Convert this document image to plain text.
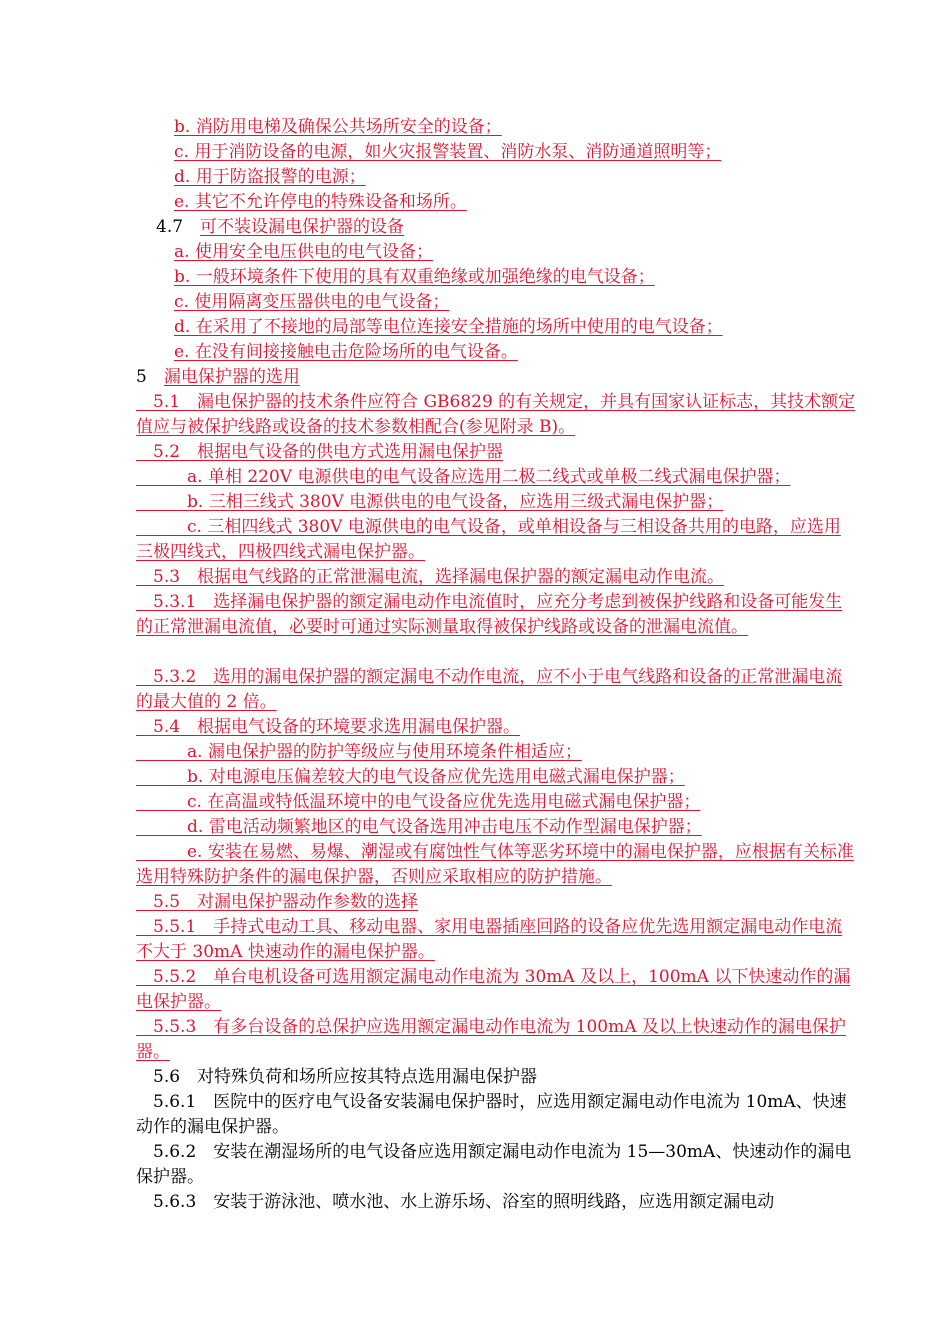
b. 消防用电梯及确保公共场所安全的设备；

c. 用于消防设备的电源，如火灾报警装置、消防水泵、消防通道照明等；

d. 用于防盗报警的电源；

e. 其它不允许停电的特殊设备和场所。

4.7　可不装设漏电保护器的设备

a. 使用安全电压供电的电气设备；

b. 一般环境条件下使用的具有双重绝缘或加强绝缘的电气设备；

c. 使用隔离变压器供电的电气设备；

d. 在采用了不接地的局部等电位连接安全措施的场所中使用的电气设备；

e. 在没有间接接触电击危险场所的电气设备。

5　 漏电保护器的选用

　5.1　漏电保护器的技术条件应符合 GB6829 的有关规定，并具有国家认证标志，其技术额定值应与被保护线路或设备的技术参数相配合(参见附录 B)。

　5.2　根据电气设备的供电方式选用漏电保护器

　　　a. 单相 220V 电源供电的电气设备应选用二极二线式或单极二线式漏电保护器；

　　　b. 三相三线式 380V 电源供电的电气设备，应选用三级式漏电保护器；

　　　c. 三相四线式 380V 电源供电的电气设备，或单相设备与三相设备共用的电路，应选用三极四线式，四极四线式漏电保护器。

　5.3　根据电气线路的正常泄漏电流，选择漏电保护器的额定漏电动作电流。

　5.3.1　选择漏电保护器的额定漏电动作电流值时，应充分考虑到被保护线路和设备可能发生的正常泄漏电流值，必要时可通过实际测量取得被保护线路或设备的泄漏电流值。

　5.3.2　选用的漏电保护器的额定漏电不动作电流，应不小于电气线路和设备的正常泄漏电流的最大值的 2 倍。

　5.4　根据电气设备的环境要求选用漏电保护器。

　　　a. 漏电保护器的防护等级应与使用环境条件相适应；

　　　b. 对电源电压偏差较大的电气设备应优先选用电磁式漏电保护器；

　　　c. 在高温或特低温环境中的电气设备应优先选用电磁式漏电保护器；

　　　d. 雷电活动频繁地区的电气设备选用冲击电压不动作型漏电保护器；

　　　e. 安装在易燃、易爆、潮湿或有腐蚀性气体等恶劣环境中的漏电保护器，应根据有关标准选用特殊防护条件的漏电保护器，否则应采取相应的防护措施。

　5.5　对漏电保护器动作参数的选择

　5.5.1　手持式电动工具、移动电器、家用电器插座回路的设备应优先选用额定漏电动作电流不大于 30mA 快速动作的漏电保护器。

　5.5.2　单台电机设备可选用额定漏电动作电流为 30mA 及以上，100mA 以下快速动作的漏电保护器。

　5.5.3　有多台设备的总保护应选用额定漏电动作电流为 100mA 及以上快速动作的漏电保护器。

　5.6　对特殊负荷和场所应按其特点选用漏电保护器

　5.6.1　医院中的医疗电气设备安装漏电保护器时，应选用额定漏电动作电流为 10mA、快速动作的漏电保护器。

　5.6.2　安装在潮湿场所的电气设备应选用额定漏电动作电流为 15—30mA、快速动作的漏电保护器。

　5.6.3　安装于游泳池、喷水池、水上游乐场、浴室的照明线路，应选用额定漏电动
